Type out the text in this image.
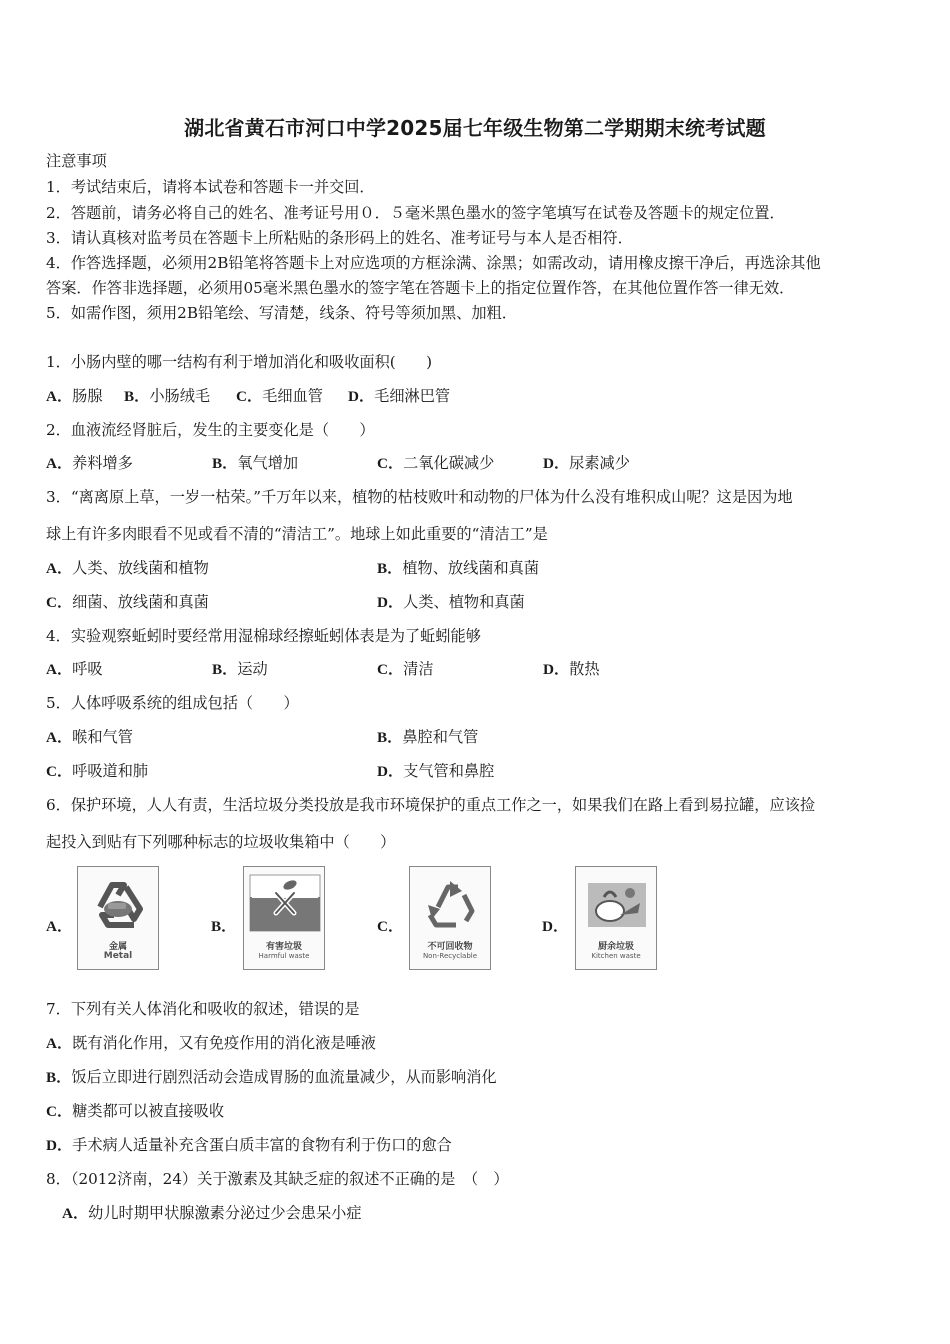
湖北省黄石市河口中学2025届七年级生物第二学期期末统考试题
注意事项
1．考试结束后，请将本试卷和答题卡一并交回．
2．答题前，请务必将自己的姓名、准考证号用０．５毫米黑色墨水的签字笔填写在试卷及答题卡的规定位置．
3．请认真核对监考员在答题卡上所粘贴的条形码上的姓名、准考证号与本人是否相符．
4．作答选择题，必须用2B铅笔将答题卡上对应选项的方框涂满、涂黑；如需改动，请用橡皮擦干净后，再选涂其他
答案．作答非选择题，必须用05毫米黑色墨水的签字笔在答题卡上的指定位置作答，在其他位置作答一律无效．
5．如需作图，须用2B铅笔绘、写清楚，线条、符号等须加黑、加粗．
1．小肠内壁的哪一结构有利于增加消化和吸收面积(　　)
A．肠腺 B．小肠绒毛 C．毛细血管 D．毛细淋巴管
2．血液流经肾脏后，发生的主要变化是（　　）
A．养料增多	B．氧气增加	C．二氧化碳减少	D．尿素减少
3．“离离原上草，一岁一枯荣。”千万年以来，植物的枯枝败叶和动物的尸体为什么没有堆积成山呢？这是因为地
球上有许多肉眼看不见或看不清的“清洁工”。地球上如此重要的“清洁工”是
A．人类、放线菌和植物	B．植物、放线菌和真菌
C．细菌、放线菌和真菌	D．人类、植物和真菌
4．实验观察蚯蚓时要经常用湿棉球经擦蚯蚓体表是为了蚯蚓能够
A．呼吸	B．运动	C．清洁	D．散热
5．人体呼吸系统的组成包括（　　）
A．喉和气管	B．鼻腔和气管
C．呼吸道和肺	D．支气管和鼻腔
6．保护环境，人人有责，生活垃圾分类投放是我市环境保护的重点工作之一，如果我们在路上看到易拉罐，应该捡
起投入到贴有下列哪种标志的垃圾收集箱中（　　）
A．
金属
Metal
B．
有害垃圾
Harmful waste
C．
不可回收物
Non-Recyclable
D．
厨余垃圾
Kitchen waste
7．下列有关人体消化和吸收的叙述，错误的是
A．既有消化作用，又有免疫作用的消化液是唾液
B．饭后立即进行剧烈活动会造成胃肠的血流量减少，从而影响消化
C．糖类都可以被直接吸收
D．手术病人适量补充含蛋白质丰富的食物有利于伤口的愈合
8．（2012济南，24）关于激素及其缺乏症的叙述不正确的是　（　）
A．幼儿时期甲状腺激素分泌过少会患呆小症
